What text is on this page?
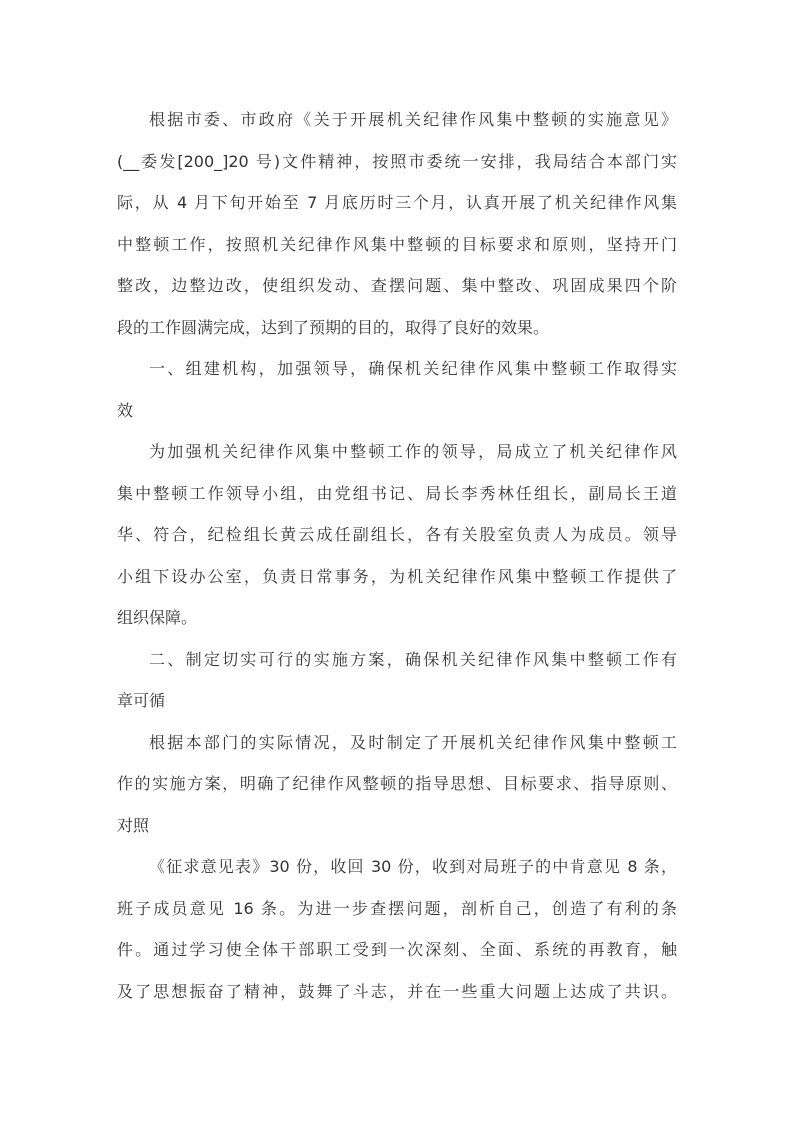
根据市委、市政府《关于开展机关纪律作风集中整顿的实施意见》
(__委发[200_]20 号)文件精神，按照市委统一安排，我局结合本部门实
际，从 4 月下旬开始至 7 月底历时三个月，认真开展了机关纪律作风集
中整顿工作，按照机关纪律作风集中整顿的目标要求和原则，坚持开门
整改，边整边改，使组织发动、查摆问题、集中整改、巩固成果四个阶
段的工作圆满完成，达到了预期的目的，取得了良好的效果。
一、组建机构，加强领导，确保机关纪律作风集中整顿工作取得实
效
为加强机关纪律作风集中整顿工作的领导，局成立了机关纪律作风
集中整顿工作领导小组，由党组书记、局长李秀林任组长，副局长王道
华、符合，纪检组长黄云成任副组长，各有关股室负责人为成员。领导
小组下设办公室，负责日常事务，为机关纪律作风集中整顿工作提供了
组织保障。
二、制定切实可行的实施方案，确保机关纪律作风集中整顿工作有
章可循
根据本部门的实际情况，及时制定了开展机关纪律作风集中整顿工
作的实施方案，明确了纪律作风整顿的指导思想、目标要求、指导原则、
对照
《征求意见表》30 份，收回 30 份，收到对局班子的中肯意见 8 条，
班子成员意见 16 条。为进一步查摆问题，剖析自己，创造了有利的条
件。通过学习使全体干部职工受到一次深刻、全面、系统的再教育，触
及了思想振奋了精神，鼓舞了斗志，并在一些重大问题上达成了共识。
